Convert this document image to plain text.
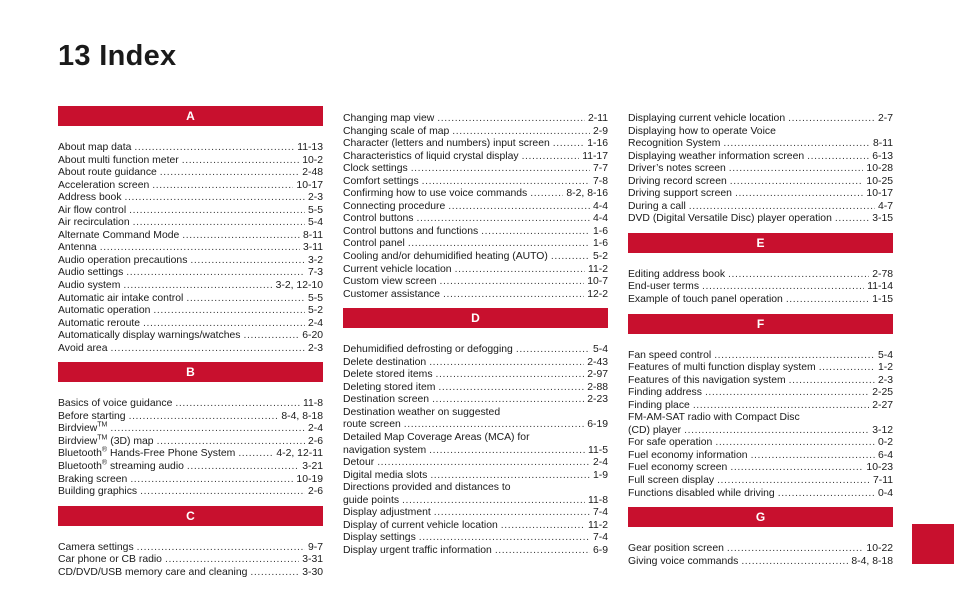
13 Index
A
About map data .....	11-13
About multi function meter .....	10-2
About route guidance .....	2-48
Acceleration screen .....	10-17
Address book .....	2-3
Air flow control .....	5-5
Air recirculation .....	5-4
Alternate Command Mode .....	8-11
Antenna .....	3-11
Audio operation precautions .....	3-2
Audio settings .....	7-3
Audio system .....	3-2, 12-10
Automatic air intake control .....	5-5
Automatic operation .....	5-2
Automatic reroute .....	2-4
Automatically display warnings/watches .....	6-20
Avoid area .....	2-3
B
Basics of voice guidance .....	11-8
Before starting .....	8-4, 8-18
Birdview™ .....	2-4
Birdview™ (3D) map .....	2-6
Bluetooth® Hands-Free Phone System .....	4-2, 12-11
Bluetooth® streaming audio .....	3-21
Braking screen .....	10-19
Building graphics .....	2-6
C
Camera settings .....	9-7
Car phone or CB radio .....	3-31
CD/DVD/USB memory care and cleaning .....	3-30
Changing map view .....	2-11
Changing scale of map .....	2-9
Character (letters and numbers) input screen .....	1-16
Characteristics of liquid crystal display .....	11-17
Clock settings .....	7-7
Comfort settings .....	7-8
Confirming how to use voice commands .....	8-2, 8-16
Connecting procedure .....	4-4
Control buttons .....	4-4
Control buttons and functions .....	1-6
Control panel .....	1-6
Cooling and/or dehumidified heating (AUTO) .....	5-2
Current vehicle location .....	11-2
Custom view screen .....	10-7
Customer assistance .....	12-2
D
Dehumidified defrosting or defogging .....	5-4
Delete destination .....	2-43
Delete stored items .....	2-97
Deleting stored item .....	2-88
Destination screen .....	2-23
Destination weather on suggested
route screen .....	6-19
Detailed Map Coverage Areas (MCA) for
navigation system .....	11-5
Detour .....	2-4
Digital media slots .....	1-9
Directions provided and distances to
guide points .....	11-8
Display adjustment .....	7-4
Display of current vehicle location .....	11-2
Display settings .....	7-4
Display urgent traffic information .....	6-9
Displaying current vehicle location .....	2-7
Displaying how to operate Voice
Recognition System .....	8-11
Displaying weather information screen .....	6-13
Driver’s notes screen .....	10-28
Driving record screen .....	10-25
Driving support screen .....	10-17
During a call .....	4-7
DVD (Digital Versatile Disc) player operation .....	3-15
E
Editing address book .....	2-78
End-user terms .....	11-14
Example of touch panel operation .....	1-15
F
Fan speed control .....	5-4
Features of multi function display system .....	1-2
Features of this navigation system .....	2-3
Finding address .....	2-25
Finding place .....	2-27
FM-AM-SAT radio with Compact Disc
(CD) player .....	3-12
For safe operation .....	0-2
Fuel economy information .....	6-4
Fuel economy screen .....	10-23
Full screen display .....	7-11
Functions disabled while driving .....	0-4
G
Gear position screen .....	10-22
Giving voice commands .....	8-4, 8-18
